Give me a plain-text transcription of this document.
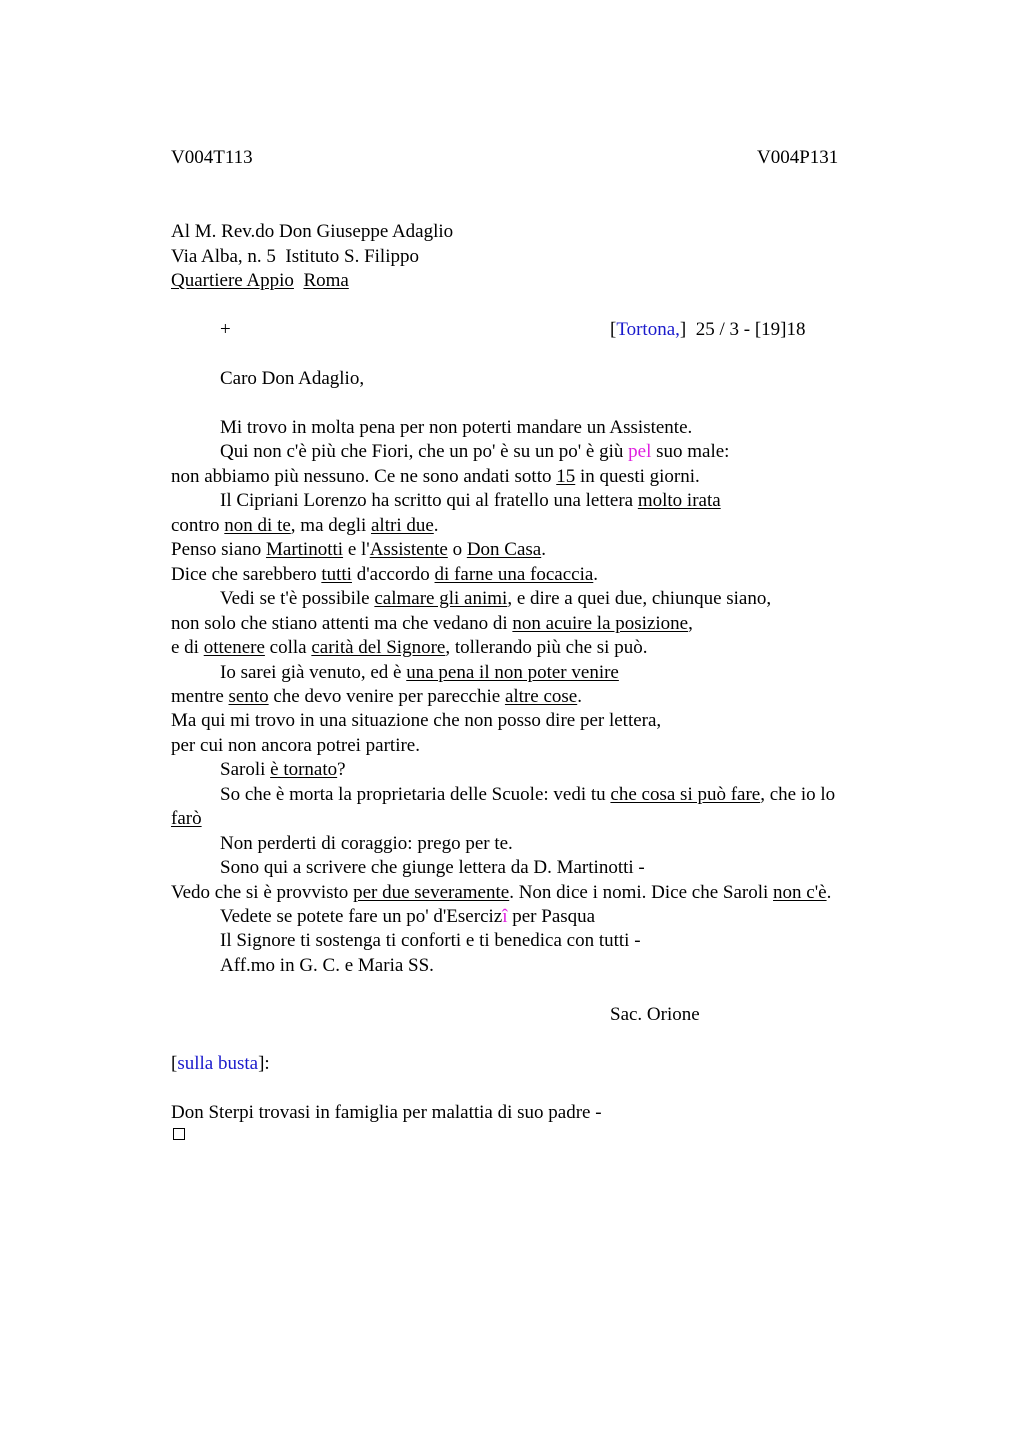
V004T113	V004P131
Al M. Rev.do Don Giuseppe Adaglio
Via Alba, n. 5  Istituto S. Filippo
Quartiere Appio Roma
+	[Tortona,]  25 / 3 - [19]18
Caro Don Adaglio,
Mi trovo in molta pena per non poterti mandare un Assistente.
Qui non c'è più che Fiori, che un po' è su un po' è giù pel suo male:
non abbiamo più nessuno. Ce ne sono andati sotto 15 in questi giorni.
Il Cipriani Lorenzo ha scritto qui al fratello una lettera molto irata
contro non di te, ma degli altri due.
Penso siano Martinotti e l'Assistente o Don Casa.
Dice che sarebbero tutti d'accordo di farne una focaccia.
Vedi se t'è possibile calmare gli animi, e dire a quei due, chiunque siano,
non solo che stiano attenti ma che vedano di non acuire la posizione,
e di ottenere colla carità del Signore, tollerando più che si può.
Io sarei già venuto, ed è una pena il non poter venire
mentre sento che devo venire per parecchie altre cose.
Ma qui mi trovo in una situazione che non posso dire per lettera,
per cui non ancora potrei partire.
Saroli è tornato?
So che è morta la proprietaria delle Scuole: vedi tu che cosa si può fare, che io lo
farò
Non perderti di coraggio: prego per te.
Sono qui a scrivere che giunge lettera da D. Martinotti -
Vedo che si è provvisto per due severamente. Non dice i nomi. Dice che Saroli non c'è.
Vedete se potete fare un po' d'Esercizî per Pasqua
Il Signore ti sostenga ti conforti e ti benedica con tutti -
Aff.mo in G. C. e Maria SS.
Sac. Orione
[sulla busta]:
Don Sterpi trovasi in famiglia per malattia di suo padre -
